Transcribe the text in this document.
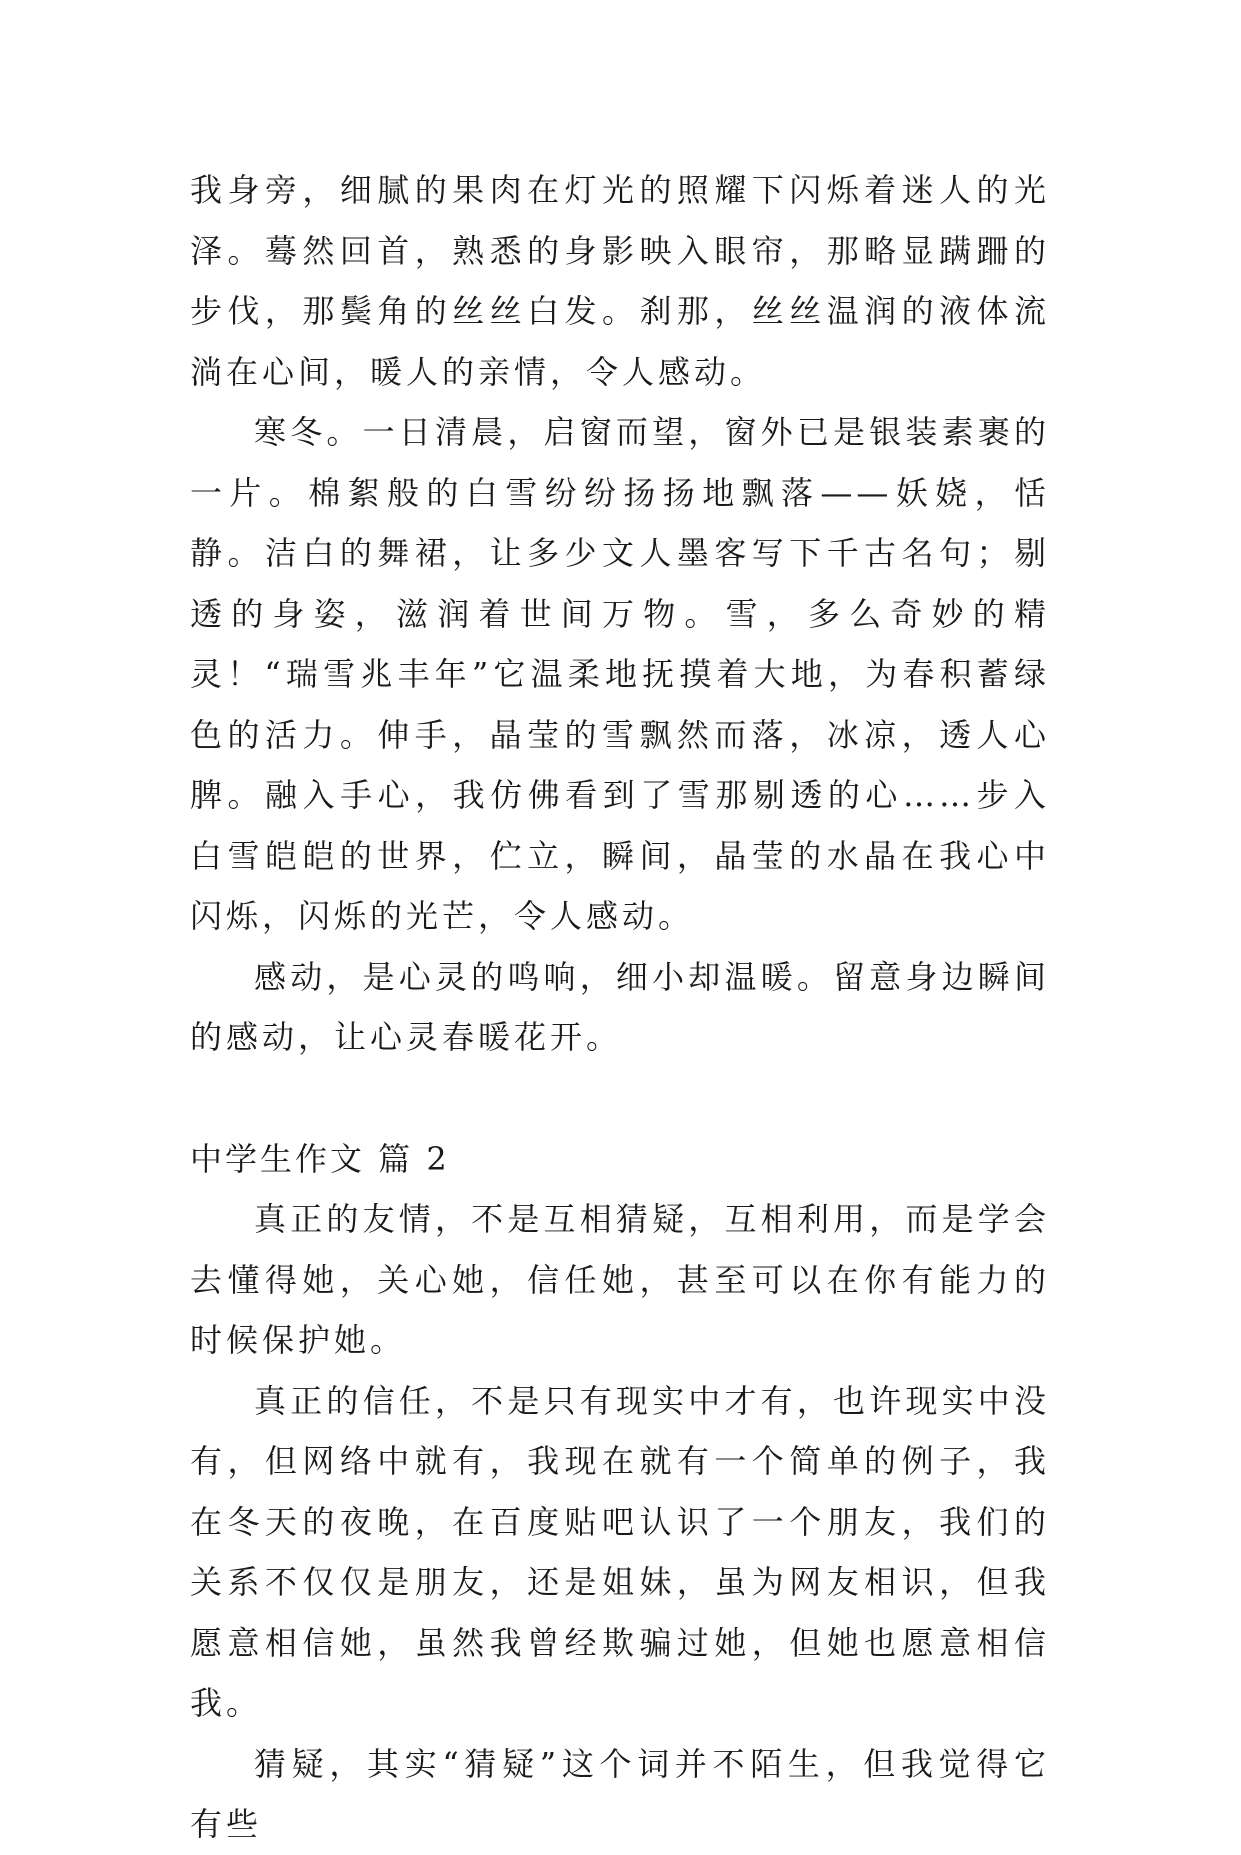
我身旁，细腻的果肉在灯光的照耀下闪烁着迷人的光泽。蓦然回首，熟悉的身影映入眼帘，那略显蹒跚的步伐，那鬓角的丝丝白发。刹那，丝丝温润的液体流淌在心间，暖人的亲情，令人感动。

寒冬。一日清晨，启窗而望，窗外已是银装素裹的一片。棉絮般的白雪纷纷扬扬地飘落——妖娆，恬静。洁白的舞裙，让多少文人墨客写下千古名句；剔透的身姿，滋润着世间万物。雪，多么奇妙的精灵！“瑞雪兆丰年”它温柔地抚摸着大地，为春积蓄绿色的活力。伸手，晶莹的雪飘然而落，冰凉，透人心脾。融入手心，我仿佛看到了雪那剔透的心……步入白雪皑皑的世界，伫立，瞬间，晶莹的水晶在我心中闪烁，闪烁的光芒，令人感动。

感动，是心灵的鸣响，细小却温暖。留意身边瞬间的感动，让心灵春暖花开。

中学生作文 篇 2

真正的友情，不是互相猜疑，互相利用，而是学会去懂得她，关心她，信任她，甚至可以在你有能力的时候保护她。

真正的信任，不是只有现实中才有，也许现实中没有，但网络中就有，我现在就有一个简单的例子，我在冬天的夜晚，在百度贴吧认识了一个朋友，我们的关系不仅仅是朋友，还是姐妹，虽为网友相识，但我愿意相信她，虽然我曾经欺骗过她，但她也愿意相信我。

猜疑，其实“猜疑”这个词并不陌生，但我觉得它有些
